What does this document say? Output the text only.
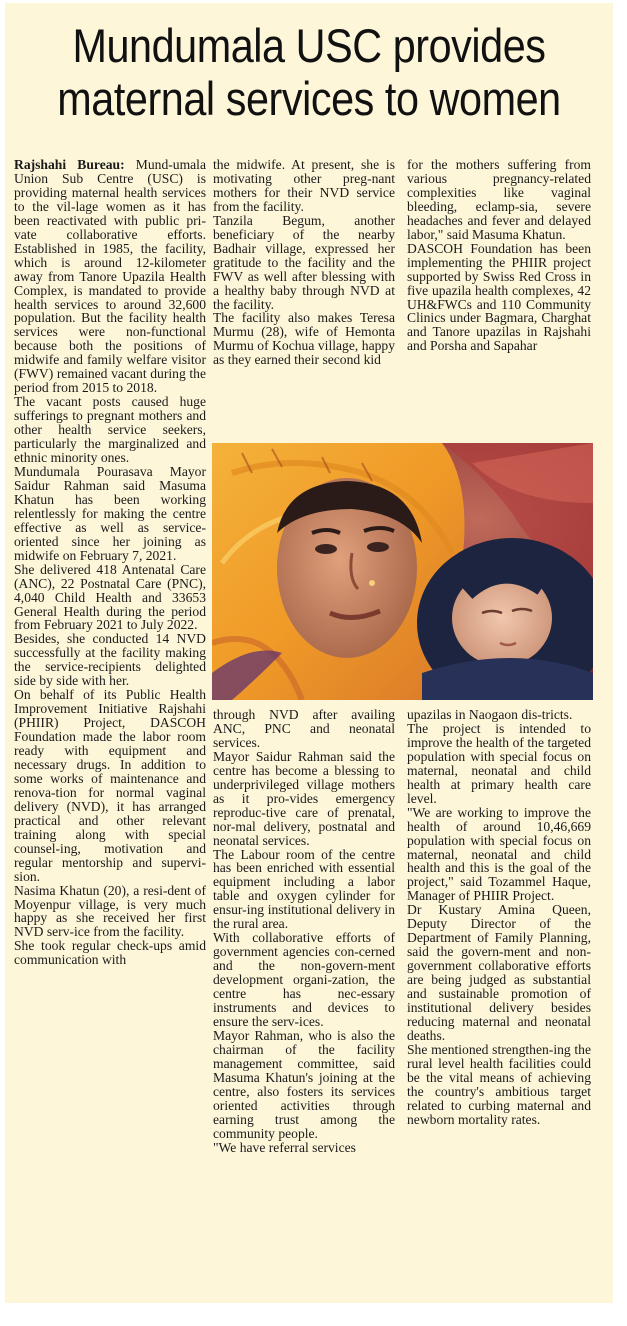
Mundumala USC provides
maternal services to women

Rajshahi Bureau: Mund-umala Union Sub Centre (USC) is providing maternal health services to the vil-lage women as it has been reactivated with public pri-vate collaborative efforts. Established in 1985, the facility, which is around 12-kilometer away from Tanore Upazila Health Complex, is mandated to provide health services to around 32,600 population. But the facility health services were non-functional because both the positions of midwife and family welfare visitor (FWV) remained vacant during the period from 2015 to 2018.

The vacant posts caused huge sufferings to pregnant mothers and other health service seekers, particularly the marginalized and ethnic minority ones.

Mundumala Pourasava Mayor Saidur Rahman said Masuma Khatun has been working relentlessly for making the centre effective as well as service-oriented since her joining as midwife on February 7, 2021.

She delivered 418 Antenatal Care (ANC), 22 Postnatal Care (PNC), 4,040 Child Health and 33653 General Health during the period from February 2021 to July 2022.

Besides, she conducted 14 NVD successfully at the facility making the service-recipients delighted side by side with her.

On behalf of its Public Health Improvement Initiative Rajshahi (PHIIR) Project, DASCOH Foundation made the labor room ready with equipment and necessary drugs. In addition to some works of maintenance and renova-tion for normal vaginal delivery (NVD), it has arranged practical and other relevant training along with special counsel-ing, motivation and regular mentorship and supervi-sion.

Nasima Khatun (20), a resi-dent of Moyenpur village, is very much happy as she received her first NVD serv-ice from the facility.

She took regular check-ups amid communication with

the midwife. At present, she is motivating other preg-nant mothers for their NVD service from the facility.

Tanzila Begum, another beneficiary of the nearby Badhair village, expressed her gratitude to the facility and the FWV as well after blessing with a healthy baby through NVD at the facility.

The facility also makes Teresa Murmu (28), wife of Hemonta Murmu of Kochua village, happy as they earned their second kid

for the mothers suffering from various pregnancy-related complexities like vaginal bleeding, eclamp-sia, severe headaches and fever and delayed labor," said Masuma Khatun.

DASCOH Foundation has been implementing the PHIIR project supported by Swiss Red Cross in five upazila health complexes, 42 UH&FWCs and 110 Community Clinics under Bagmara, Charghat and Tanore upazilas in Rajshahi and Porsha and Sapahar

through NVD after availing ANC, PNC and neonatal services.

Mayor Saidur Rahman said the centre has become a blessing to underprivileged village mothers as it pro-vides emergency reproduc-tive care of prenatal, nor-mal delivery, postnatal and neonatal services.

The Labour room of the centre has been enriched with essential equipment including a labor table and oxygen cylinder for ensur-ing institutional delivery in the rural area.

With collaborative efforts of government agencies con-cerned and the non-govern-ment development organi-zation, the centre has nec-essary instruments and devices to ensure the serv-ices.

Mayor Rahman, who is also the chairman of the facility management committee, said Masuma Khatun's joining at the centre, also fosters its services oriented activities through earning trust among the community people.

"We have referral services

upazilas in Naogaon dis-tricts.

The project is intended to improve the health of the targeted population with special focus on maternal, neonatal and child health at primary health care level.

"We are working to improve the health of around 10,46,669 population with special focus on maternal, neonatal and child health and this is the goal of the project," said Tozammel Haque, Manager of PHIIR Project.

Dr Kustary Amina Queen, Deputy Director of the Department of Family Planning, said the govern-ment and non-government collaborative efforts are being judged as substantial and sustainable promotion of institutional delivery besides reducing maternal and neonatal deaths.

She mentioned strengthen-ing the rural level health facilities could be the vital means of achieving the country's ambitious target related to curbing maternal and newborn mortality rates.
